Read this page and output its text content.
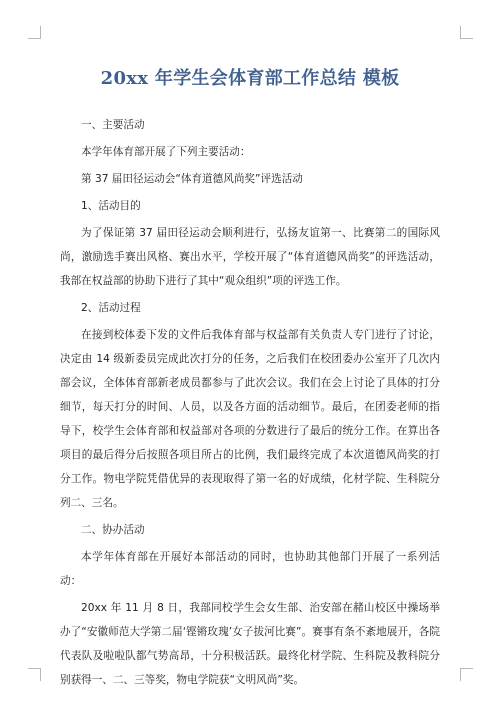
20xx 年学生会体育部工作总结 模板

一、主要活动

本学年体育部开展了下列主要活动：

第 37 届田径运动会“体育道德风尚奖”评选活动

1、活动目的

为了保证第 37 届田径运动会顺利进行，弘扬友谊第一、比赛第二的国际风尚，激励选手赛出风格、赛出水平，学校开展了“体育道德风尚奖”的评选活动，我部在权益部的协助下进行了其中“观众组织”项的评选工作。

2、活动过程

在接到校体委下发的文件后我体育部与权益部有关负责人专门进行了讨论，决定由 14 级新委员完成此次打分的任务，之后我们在校团委办公室开了几次内部会议，全体体育部新老成员都参与了此次会议。我们在会上讨论了具体的打分细节，每天打分的时间、人员，以及各方面的活动细节。最后，在团委老师的指导下，校学生会体育部和权益部对各项的分数进行了最后的统分工作。在算出各项目的最后得分后按照各项目所占的比例，我们最终完成了本次道德风尚奖的打分工作。物电学院凭借优异的表现取得了第一名的好成绩，化材学院、生科院分列二、三名。

二、协办活动

本学年体育部在开展好本部活动的同时，也协助其他部门开展了一系列活动：

20xx 年 11 月 8 日，我部同校学生会女生部、治安部在赭山校区中操场举办了“安徽师范大学第二届‘铿锵玫瑰’女子拔河比赛”。赛事有条不紊地展开，各院代表队及啦啦队都气势高昂，十分积极活跃。最终化材学院、生科院及教科院分别获得一、二、三等奖，物电学院获“文明风尚”奖。
